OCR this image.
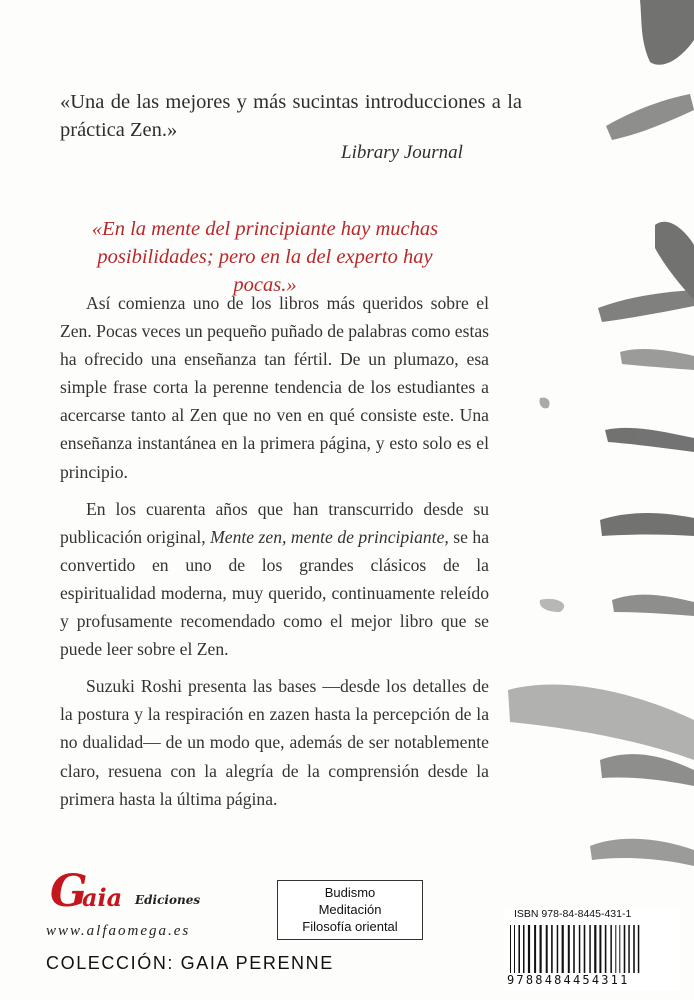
«Una de las mejores y más sucintas introducciones a la práctica Zen.»
Library Journal
«En la mente del principiante hay muchas
posibilidades; pero en la del experto hay pocas.»

Así comienza uno de los libros más queridos sobre el Zen. Pocas veces un pequeño puñado de palabras como estas ha ofrecido una enseñanza tan fértil. De un plumazo, esa simple frase corta la perenne tendencia de los estudiantes a acercarse tanto al Zen que no ven en qué consiste este. Una enseñanza instantánea en la primera página, y esto solo es el principio.

En los cuarenta años que han transcurrido desde su publicación original, Mente zen, mente de principiante, se ha convertido en uno de los grandes clásicos de la espiritualidad moderna, muy querido, continuamente releído y profusamente recomendado como el mejor libro que se puede leer sobre el Zen.

Suzuki Roshi presenta las bases —desde los detalles de la postura y la respiración en zazen hasta la percepción de la no dualidad— de un modo que, además de ser notablemente claro, resuena con la alegría de la comprensión desde la primera hasta la última página.

G
aia Ediciones
www.alfaomega.es
COLECCIÓN: GAIA PERENNE
Budismo
Meditación
Filosofía oriental
ISBN 978-84-8445-431-1
9788484454311
